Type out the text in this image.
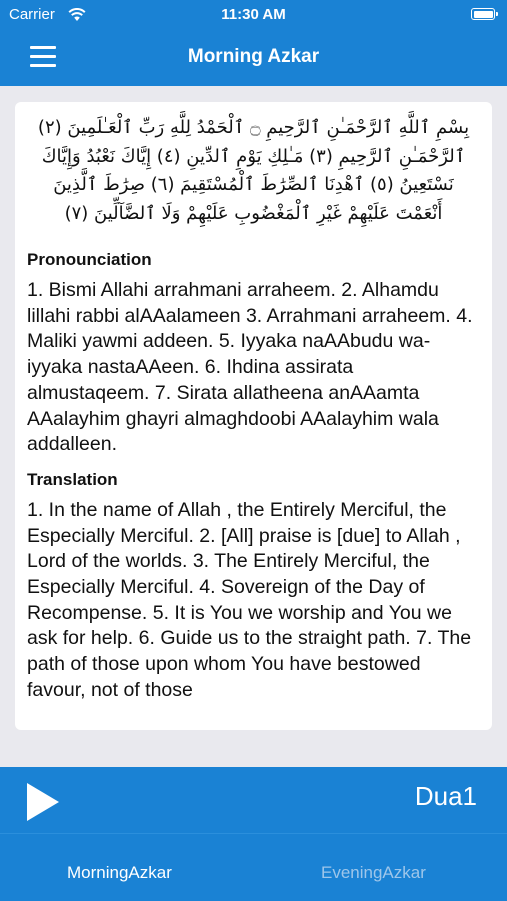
Carrier	11:30 AM
Morning Azkar
بِسْمِ ٱللَّهِ ٱلرَّحْمَـٰنِ ٱلرَّحِيمِ ۝ ٱلْحَمْدُ لِلَّهِ رَبِّ ٱلْعَـٰلَمِينَ (٢) ٱلرَّحْمَـٰنِ ٱلرَّحِيمِ (٣) مَـٰلِكِ يَوْمِ ٱلدِّينِ (٤) إِيَّاكَ نَعْبُدُ وَإِيَّاكَ نَسْتَعِينُ (٥) ٱهْدِنَا ٱلصِّرَٰطَ ٱلْمُسْتَقِيمَ (٦) صِرَٰطَ ٱلَّذِينَ أَنْعَمْتَ عَلَيْهِمْ غَيْرِ ٱلْمَغْضُوبِ عَلَيْهِمْ وَلَا ٱلضَّآلِّينَ (٧)
Pronounciation
1. Bismi Allahi arrahmani arraheem. 2. Alhamdu lillahi rabbi alAAalameen 3. Arrahmani arraheem. 4. Maliki yawmi addeen. 5. Iyyaka naAAbudu wa-iyyaka nastaAAeen. 6. Ihdina assirata almustaqeem. 7. Sirata allatheena anAAamta AAalayhim ghayri almaghdoobi AAalayhim wala addalleen.
Translation
1. In the name of Allah , the Entirely Merciful, the Especially Merciful. 2. [All] praise is [due] to Allah , Lord of the worlds. 3. The Entirely Merciful, the Especially Merciful. 4. Sovereign of the Day of Recompense. 5. It is You we worship and You we ask for help. 6. Guide us to the straight path. 7. The path of those upon whom You have bestowed favour, not of those
Dua1
MorningAzkar	EveningAzkar
